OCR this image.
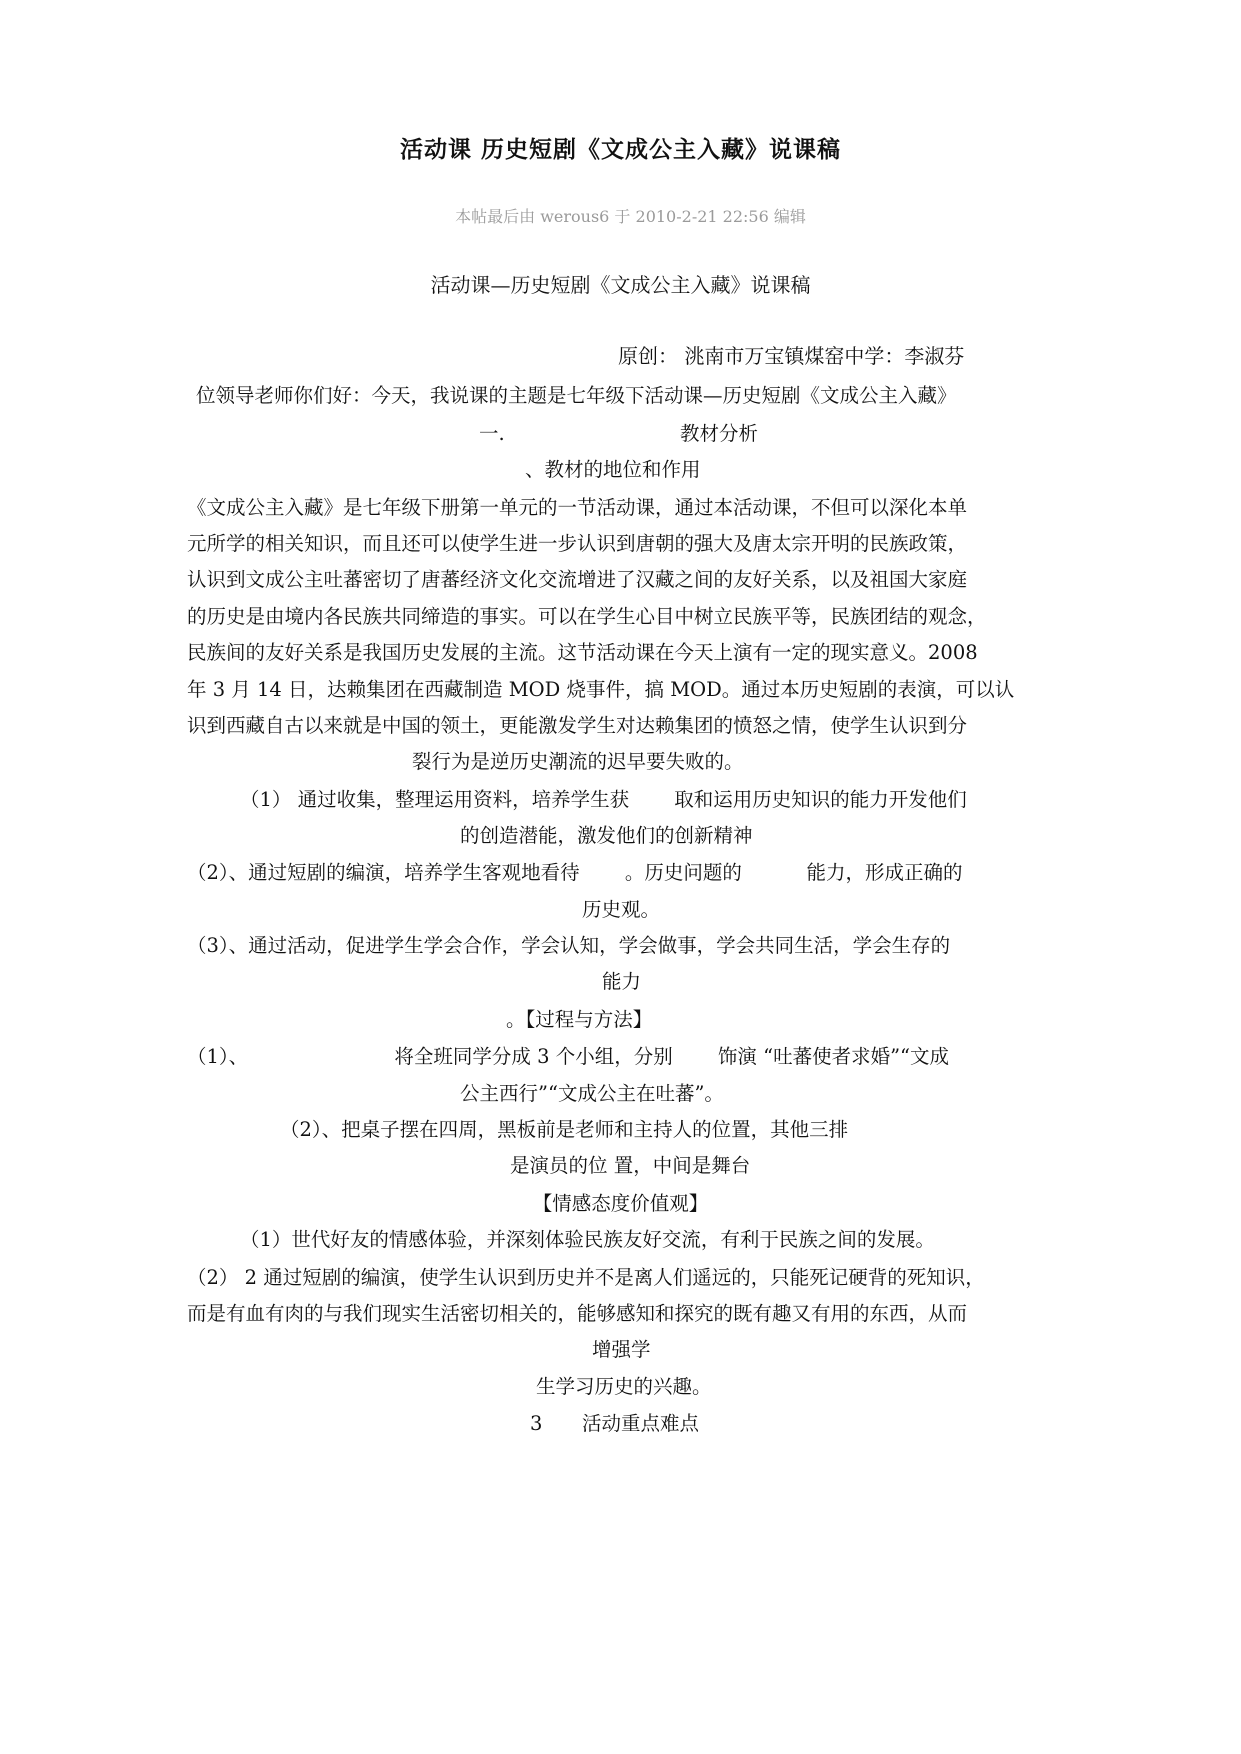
活动课 历史短剧《文成公主入藏》说课稿
本帖最后由 werous6 于 2010-2-21 22:56 编辑
活动课—历史短剧《文成公主入藏》说课稿
原创： 洮南市万宝镇煤窑中学：李淑芬
位领导老师你们好：今天，我说课的主题是七年级下活动课—历史短剧《文成公主入藏》
一.	教材分析
、教材的地位和作用
《文成公主入藏》是七年级下册第一单元的一节活动课，通过本活动课，不但可以深化本单
元所学的相关知识，而且还可以使学生进一步认识到唐朝的强大及唐太宗开明的民族政策，
认识到文成公主吐蕃密切了唐蕃经济文化交流增进了汉藏之间的友好关系，以及祖国大家庭
的历史是由境内各民族共同缔造的事实。可以在学生心目中树立民族平等，民族团结的观念，
民族间的友好关系是我国历史发展的主流。这节活动课在今天上演有一定的现实意义。2008
年 3 月 14 日，达赖集团在西藏制造 MOD 烧事件，搞 MOD。通过本历史短剧的表演，可以认
识到西藏自古以来就是中国的领土，更能激发学生对达赖集团的愤怒之情，使学生认识到分
裂行为是逆历史潮流的迟早要失败的。
（1） 通过收集，整理运用资料，培养学生获　　 取和运用历史知识的能力开发他们
的创造潜能，激发他们的创新精神
（2）、通过短剧的编演，培养学生客观地看待　　 。历史问题的　　　 能力，形成正确的
历史观。
（3）、通过活动，促进学生学会合作，学会认知，学会做事，学会共同生活，学会生存的
能力
。【过程与方法】
（1）、　　　　　　　　将全班同学分成 3 个小组，分别　　 饰演 “吐蕃使者求婚”“文成
公主西行”“文成公主在吐蕃”。
（2）、把桌子摆在四周，黑板前是老师和主持人的位置，其他三排
是演员的位 置，中间是舞台
【情感态度价值观】
（1）世代好友的情感体验，并深刻体验民族友好交流，有利于民族之间的发展。
（2） 2 通过短剧的编演，使学生认识到历史并不是离人们遥远的，只能死记硬背的死知识，
而是有血有肉的与我们现实生活密切相关的，能够感知和探究的既有趣又有用的东西，从而
增强学
生学习历史的兴趣。
3 活动重点难点
